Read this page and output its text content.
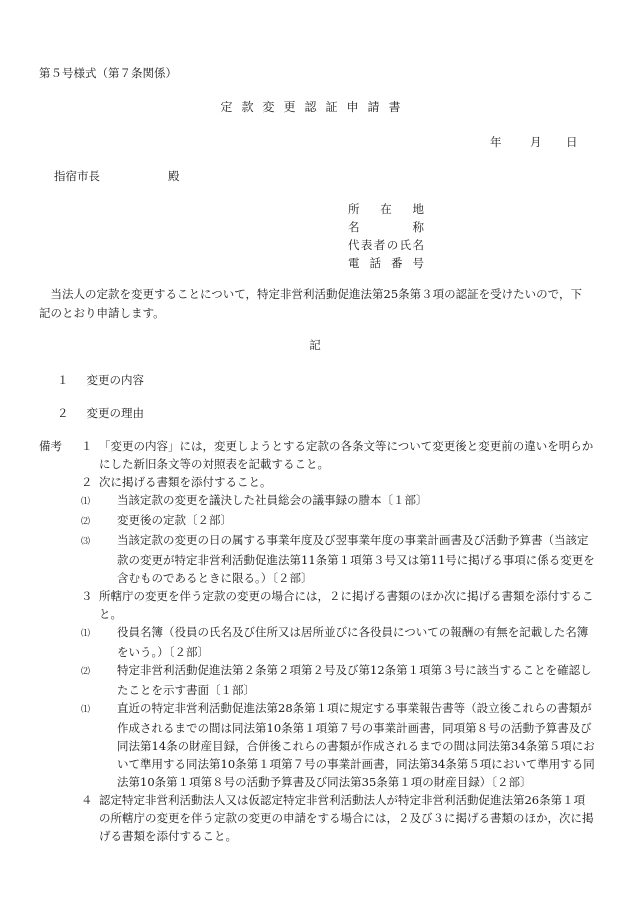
第５号様式（第７条関係）
定款変更認証申請書
年 月 日
指宿市長	殿
所在地
名称
代表者の氏名
電話番号
当法人の定款を変更することについて，特定非営利活動促進法第25条第３項の認証を受けたいので，下記のとおり申請します。
記
１ 変更の内容
２ 変更の理由
備考 １ 「変更の内容」には，変更しようとする定款の各条文等について変更後と変更前の違いを明らかにした新旧条文等の対照表を記載すること。
２ 次に掲げる書類を添付すること。
⑴ 当該定款の変更を議決した社員総会の議事録の謄本〔１部〕
⑵ 変更後の定款〔２部〕
⑶ 当該定款の変更の日の属する事業年度及び翌事業年度の事業計画書及び活動予算書（当該定款の変更が特定非営利活動促進法第11条第１項第３号又は第11号に掲げる事項に係る変更を含むものであるときに限る。）〔２部〕
３ 所轄庁の変更を伴う定款の変更の場合には，２に掲げる書類のほか次に掲げる書類を添付すること。
⑴ 役員名簿（役員の氏名及び住所又は居所並びに各役員についての報酬の有無を記載した名簿をいう。）〔２部〕
⑵ 特定非営利活動促進法第２条第２項第２号及び第12条第１項第３号に該当することを確認したことを示す書面〔１部〕
⑴ 直近の特定非営利活動促進法第28条第１項に規定する事業報告書等（設立後これらの書類が作成されるまでの間は同法第10条第１項第７号の事業計画書，同項第８号の活動予算書及び同法第14条の財産目録，合併後これらの書類が作成されるまでの間は同法第34条第５項において準用する同法第10条第１項第７号の事業計画書，同法第34条第５項において準用する同法第10条第１項第８号の活動予算書及び同法第35条第１項の財産目録）〔２部〕
４ 認定特定非営利活動法人又は仮認定特定非営利活動法人が特定非営利活動促進法第26条第１項の所轄庁の変更を伴う定款の変更の申請をする場合には，２及び３に掲げる書類のほか，次に掲げる書類を添付すること。
